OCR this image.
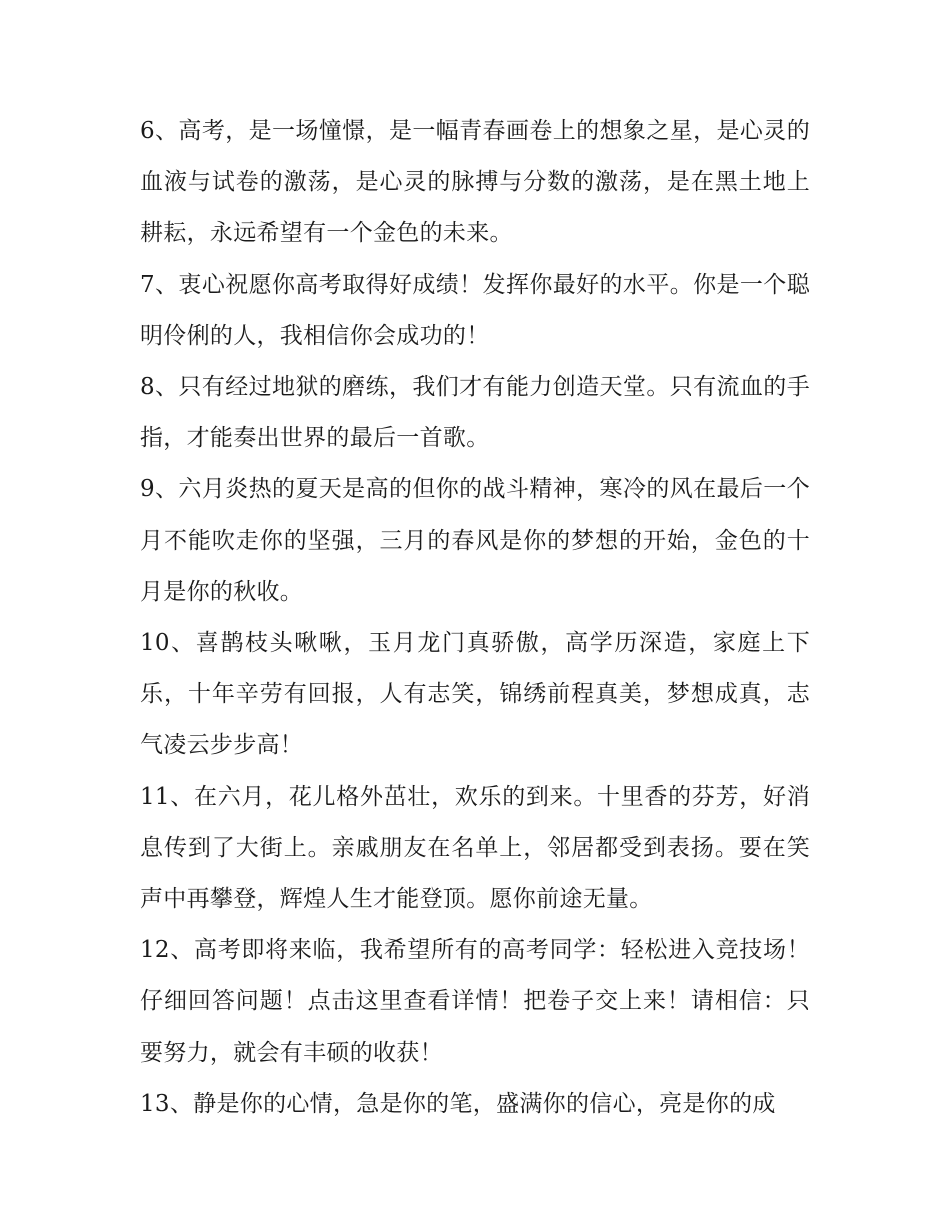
6、高考，是一场憧憬，是一幅青春画卷上的想象之星，是心灵的血液与试卷的激荡，是心灵的脉搏与分数的激荡，是在黑土地上耕耘，永远希望有一个金色的未来。

7、衷心祝愿你高考取得好成绩！发挥你最好的水平。你是一个聪明伶俐的人，我相信你会成功的！

8、只有经过地狱的磨练，我们才有能力创造天堂。只有流血的手指，才能奏出世界的最后一首歌。

9、六月炎热的夏天是高的但你的战斗精神，寒冷的风在最后一个月不能吹走你的坚强，三月的春风是你的梦想的开始，金色的十月是你的秋收。

10、喜鹊枝头啾啾，玉月龙门真骄傲，高学历深造，家庭上下乐，十年辛劳有回报，人有志笑，锦绣前程真美，梦想成真，志气凌云步步高！

11、在六月，花儿格外茁壮，欢乐的到来。十里香的芬芳，好消息传到了大街上。亲戚朋友在名单上，邻居都受到表扬。要在笑声中再攀登，辉煌人生才能登顶。愿你前途无量。

12、高考即将来临，我希望所有的高考同学：轻松进入竞技场！仔细回答问题！点击这里查看详情！把卷子交上来！请相信：只要努力，就会有丰硕的收获！

13、静是你的心情，急是你的笔，盛满你的信心，亮是你的成
